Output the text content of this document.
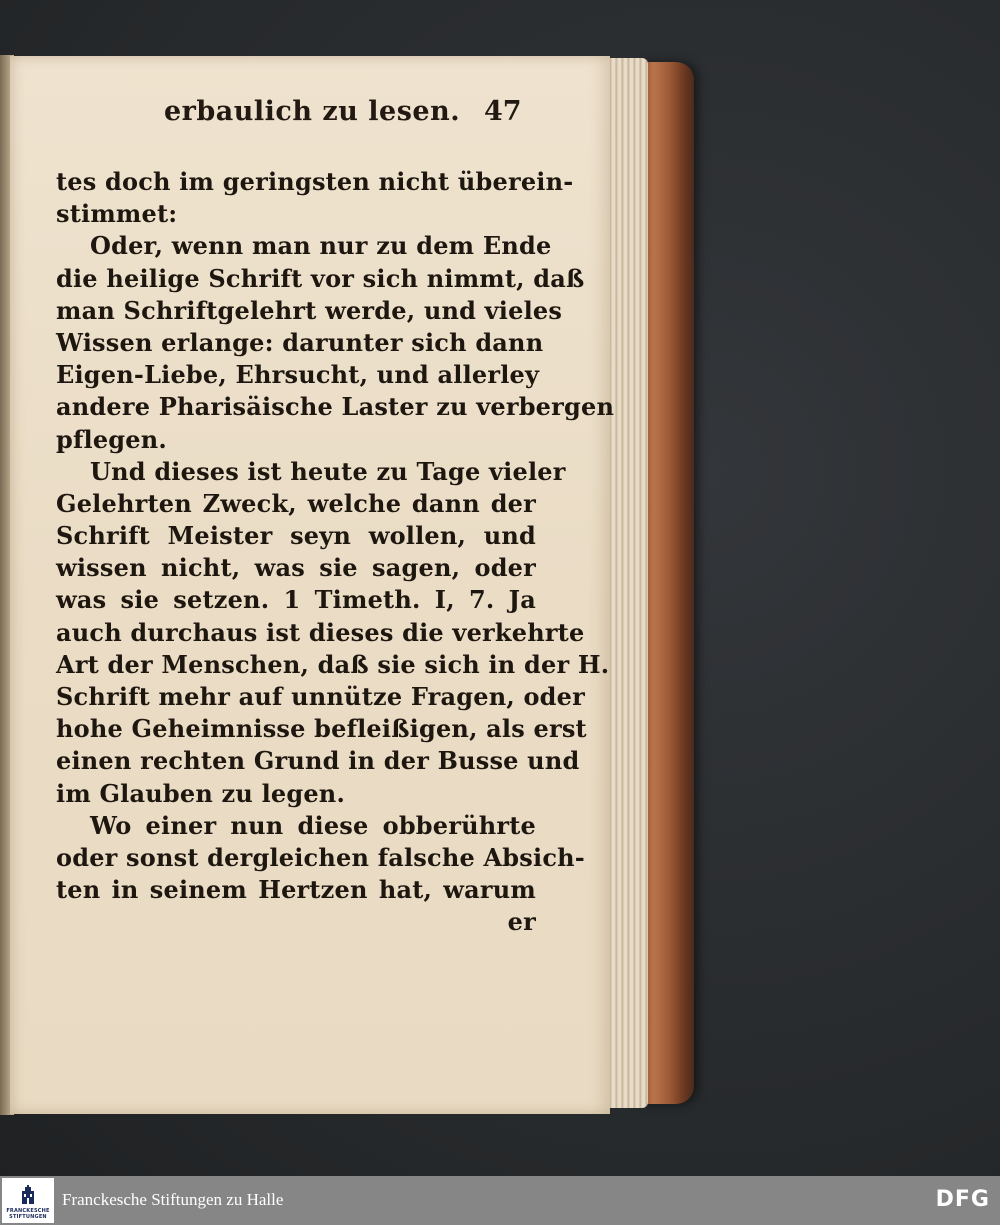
erbaulich zu lesen. 47
tes doch im geringsten nicht überein-
stimmet:
Oder, wenn man nur zu dem Ende
die heilige Schrift vor sich nimmt, daß
man Schriftgelehrt werde, und vieles
Wissen erlange: darunter sich dann
Eigen-Liebe, Ehrsucht, und allerley
andere Pharisäische Laster zu verbergen
pflegen.
Und dieses ist heute zu Tage vieler
Gelehrten Zweck, welche dann der
Schrift Meister seyn wollen, und
wissen nicht, was sie sagen, oder
was sie setzen. 1 Timeth. I, 7. Ja
auch durchaus ist dieses die verkehrte
Art der Menschen, daß sie sich in der H.
Schrift mehr auf unnütze Fragen, oder
hohe Geheimnisse befleißigen, als erst
einen rechten Grund in der Busse und
im Glauben zu legen.
Wo einer nun diese obberührte
oder sonst dergleichen falsche Absich-
ten in seinem Hertzen hat, warum
er
FRANCKESCHE STIFTUNGEN
Franckesche Stiftungen zu Halle	DFG
